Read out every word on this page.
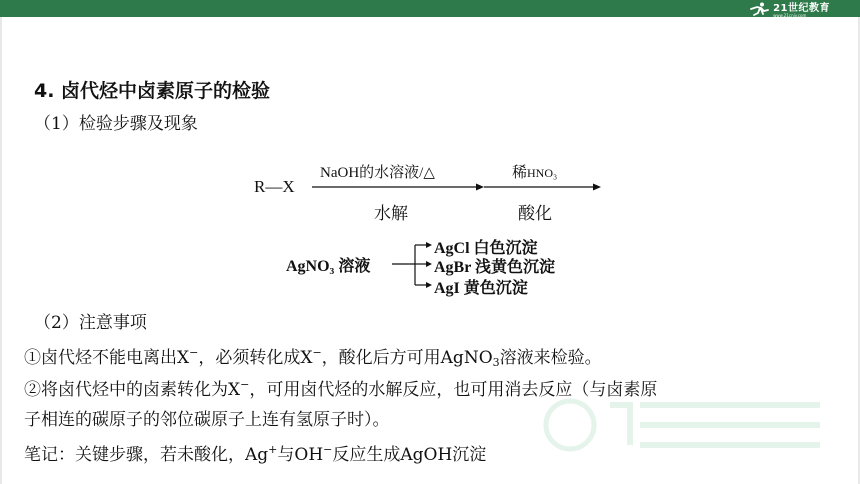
21世纪教育
www.21cnjy.com
4. 卤代烃中卤素原子的检验
（1）检验步骤及现象
R—X
NaOH的水溶液/△
水解
稀HNO₃
酸化
AgNO₃ 溶液
AgCl 白色沉淀
AgBr 浅黄色沉淀
AgI 黄色沉淀
（2）注意事项
①卤代烃不能电离出X−，必须转化成X−，酸化后方可用AgNO$_3$溶液来检验。
②将卤代烃中的卤素转化为X−，可用卤代烃的水解反应，也可用消去反应（与卤素原
子相连的碳原子的邻位碳原子上连有氢原子时）。
笔记：关键步骤，若未酸化，Ag+与OH−反应生成AgOH沉淀
